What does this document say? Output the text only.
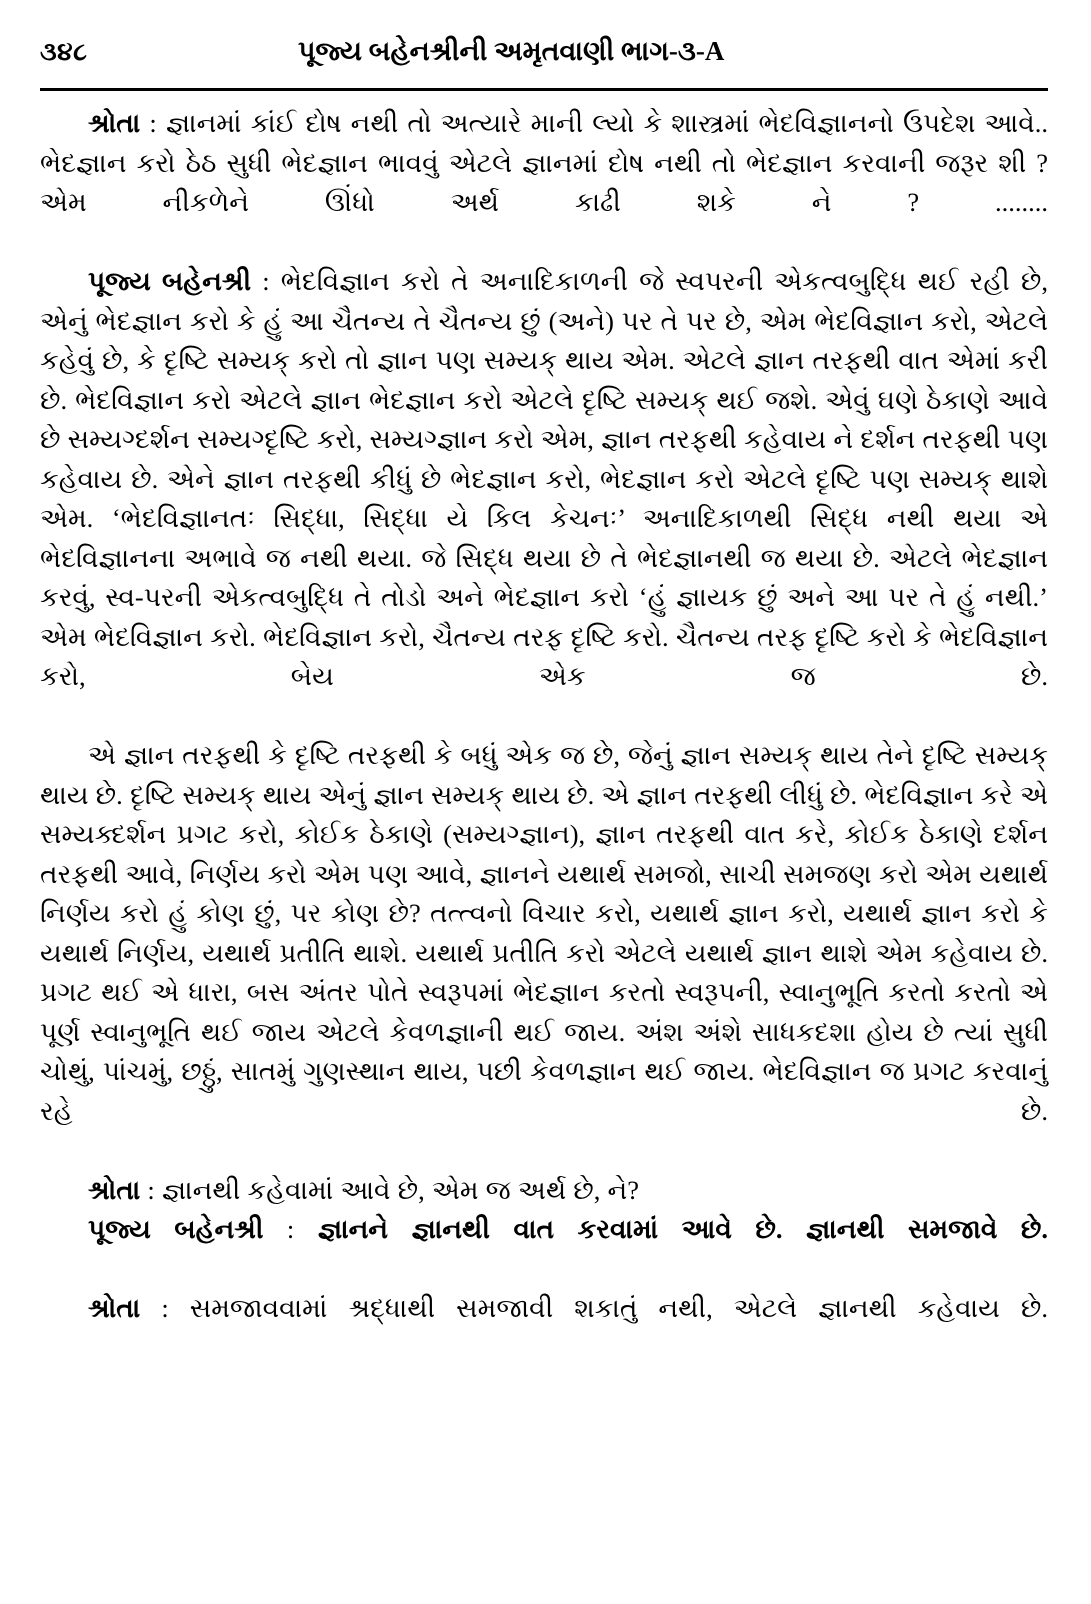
૩૪૮	પૂજ્ય બહેનશ્રીની અમૃતવાણી ભાગ-૩-A

શ્રોતા : જ્ઞાનમાં કાંઈ દોષ નથી તો અત્યારે માની લ્યો કે શાસ્ત્રમાં ભેદવિજ્ઞાનનો ઉપદેશ આવે.. ભેદજ્ઞાન કરો ઠેઠ સુધી ભેદજ્ઞાન ભાવવું એટલે જ્ઞાનમાં દોષ નથી તો ભેદજ્ઞાન કરવાની જરૂર શી ? એમ નીકળેને ઊંધો અર્થ કાઢી શકે ને ? ........

પૂજ્ય બહેનશ્રી : ભેદવિજ્ઞાન કરો તે અનાદિકાળની જે સ્વપરની એકત્વબુદ્ધિ થઈ રહી છે, એનું ભેદજ્ઞાન કરો કે હું આ ચૈતન્ય તે ચૈતન્ય છું (અને) પર તે પર છે, એમ ભેદવિજ્ઞાન કરો, એટલે કહેવું છે, કે દૃષ્ટિ સમ્યક્ કરો તો જ્ઞાન પણ સમ્યક્ થાય એમ. એટલે જ્ઞાન તરફથી વાત એમાં કરી છે. ભેદવિજ્ઞાન કરો એટલે જ્ઞાન ભેદજ્ઞાન કરો એટલે દૃષ્ટિ સમ્યક્ થઈ જશે. એવું ઘણે ઠેકાણે આવે છે સમ્યગ્દર્શન સમ્યગ્દૃષ્ટિ કરો, સમ્યગ્જ્ઞાન કરો એમ, જ્ઞાન તરફથી કહેવાય ને દર્શન તરફથી પણ કહેવાય છે. એને જ્ઞાન તરફથી કીધું છે ભેદજ્ઞાન કરો, ભેદજ્ઞાન કરો એટલે દૃષ્ટિ પણ સમ્યક્ થાશે એમ. ‘ભેદવિજ્ઞાનતઃ સિદ્ધા, સિદ્ધા યે કિલ કેચનઃ’ અનાદિકાળથી સિદ્ધ નથી થયા એ ભેદવિજ્ઞાનના અભાવે જ નથી થયા. જે સિદ્ધ થયા છે તે ભેદજ્ઞાનથી જ થયા છે. એટલે ભેદજ્ઞાન કરવું, સ્વ-પરની એકત્વબુદ્ધિ તે તોડો અને ભેદજ્ઞાન કરો ‘હું જ્ઞાયક છું અને આ પર તે હું નથી.’ એમ ભેદવિજ્ઞાન કરો. ભેદવિજ્ઞાન કરો, ચૈતન્ય તરફ દૃષ્ટિ કરો. ચૈતન્ય તરફ દૃષ્ટિ કરો કે ભેદવિજ્ઞાન કરો, બેય એક જ છે.

એ જ્ઞાન તરફથી કે દૃષ્ટિ તરફથી કે બધું એક જ છે, જેનું જ્ઞાન સમ્યક્ થાય તેને દૃષ્ટિ સમ્યક્ થાય છે. દૃષ્ટિ સમ્યક્ થાય એનું જ્ઞાન સમ્યક્ થાય છે. એ જ્ઞાન તરફથી લીધું છે. ભેદવિજ્ઞાન કરે એ સમ્યક્દર્શન પ્રગટ કરો, કોઈક ઠેકાણે (સમ્યગ્જ્ઞાન), જ્ઞાન તરફથી વાત કરે, કોઈક ઠેકાણે દર્શન તરફથી આવે, નિર્ણય કરો એમ પણ આવે, જ્ઞાનને યથાર્થ સમજો, સાચી સમજણ કરો એમ યથાર્થ નિર્ણય કરો હું કોણ છું, પર કોણ છે? તત્ત્વનો વિચાર કરો, યથાર્થ જ્ઞાન કરો, યથાર્થ જ્ઞાન કરો કે યથાર્થ નિર્ણય, યથાર્થ પ્રતીતિ થાશે. યથાર્થ પ્રતીતિ કરો એટલે યથાર્થ જ્ઞાન થાશે એમ કહેવાય છે. પ્રગટ થઈ એ ધારા, બસ અંતર પોતે સ્વરૂપમાં ભેદજ્ઞાન કરતો સ્વરૂપની, સ્વાનુભૂતિ કરતો કરતો એ પૂર્ણ સ્વાનુભૂતિ થઈ જાય એટલે કેવળજ્ઞાની થઈ જાય. અંશ અંશે સાધકદશા હોય છે ત્યાં સુધી ચોથું, પાંચમું, છઠ્ઠું, સાતમું ગુણસ્થાન થાય, પછી કેવળજ્ઞાન થઈ જાય. ભેદવિજ્ઞાન જ પ્રગટ કરવાનું રહે છે.

શ્રોતા : જ્ઞાનથી કહેવામાં આવે છે, એમ જ અર્થ છે, ને?

પૂજ્ય બહેનશ્રી : જ્ઞાનને જ્ઞાનથી વાત કરવામાં આવે છે. જ્ઞાનથી સમજાવે છે.

શ્રોતા : સમજાવવામાં શ્રદ્ધાથી સમજાવી શકાતું નથી, એટલે જ્ઞાનથી કહેવાય છે.
